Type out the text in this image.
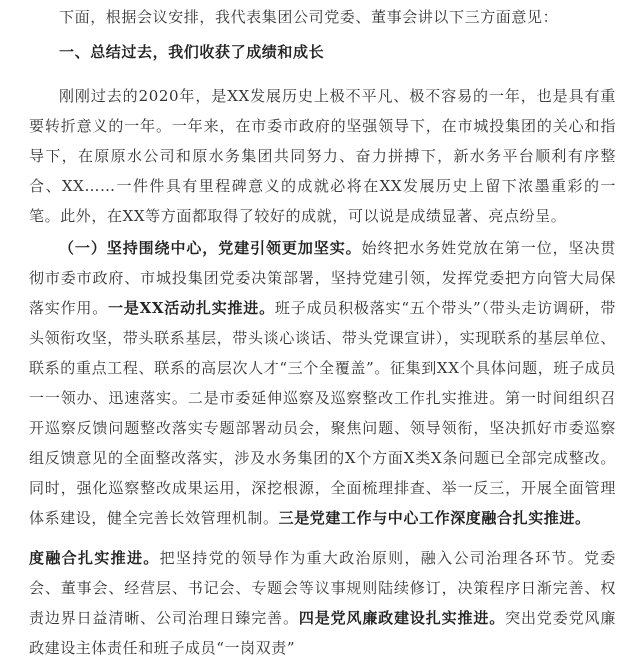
下面，根据会议安排，我代表集团公司党委、董事会讲以下三方面意见：

一、总结过去，我们收获了成绩和成长

刚刚过去的2020年，是XX发展历史上极不平凡、极不容易的一年，也是具有重要转折意义的一年。一年来，在市委市政府的坚强领导下，在市城投集团的关心和指导下，在原原水公司和原水务集团共同努力、奋力拼搏下，新水务平台顺利有序整合、XX……一件件具有里程碑意义的成就必将在XX发展历史上留下浓墨重彩的一笔。此外，在XX等方面都取得了较好的成就，可以说是成绩显著、亮点纷呈。

（一）坚持围绕中心，党建引领更加坚实。始终把水务姓党放在第一位，坚决贯彻市委市政府、市城投集团党委决策部署，坚持党建引领，发挥党委把方向管大局保落实作用。一是XX活动扎实推进。班子成员积极落实“五个带头”（带头走访调研，带头领衔攻坚，带头联系基层，带头谈心谈话、带头党课宣讲），实现联系的基层单位、联系的重点工程、联系的高层次人才“三个全覆盖”。征集到XX个具体问题，班子成员一一领办、迅速落实。二是市委延伸巡察及巡察整改工作扎实推进。第一时间组织召开巡察反馈问题整改落实专题部署动员会，聚焦问题、领导领衔，坚决抓好市委巡察组反馈意见的全面整改落实，涉及水务集团的X个方面X类X条问题已全部完成整改。同时，强化巡察整改成果运用，深挖根源，全面梳理排查、举一反三，开展全面管理体系建设，健全完善长效管理机制。三是党建工作与中心工作深度融合扎实推进。

度融合扎实推进。把坚持党的领导作为重大政治原则，融入公司治理各环节。党委会、董事会、经营层、书记会、专题会等议事规则陆续修订，决策程序日渐完善、权责边界日益清晰、公司治理日臻完善。四是党风廉政建设扎实推进。突出党委党风廉政建设主体责任和班子成员“一岗双责”
